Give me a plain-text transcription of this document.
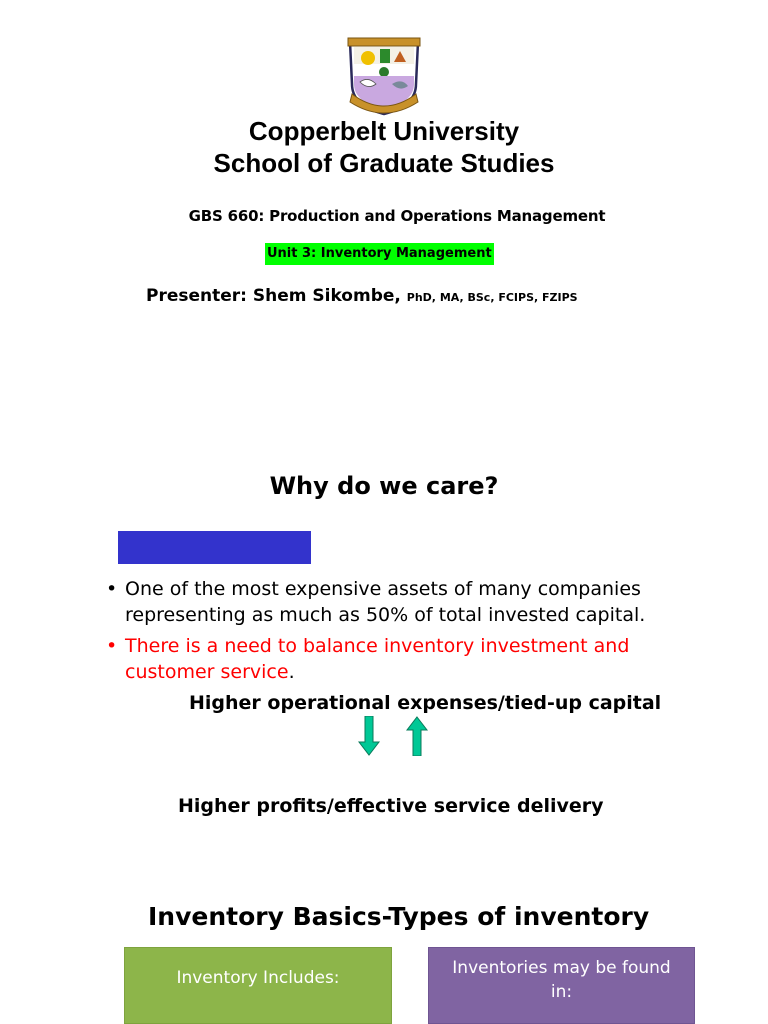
Copperbelt University
School of Graduate Studies
GBS 660: Production and Operations Management
Unit 3: Inventory Management
Presenter: Shem Sikombe, PhD, MA, BSc, FCIPS, FZIPS
Why do we care?
• One of the most expensive assets of many companies
representing as much as 50% of total invested capital.
• There is a need to balance inventory investment and
customer service.
Higher operational expenses/tied-up capital
Higher profits/effective service delivery
Inventory Basics-Types of inventory
Inventory Includes:	Inventories may be found
in:
